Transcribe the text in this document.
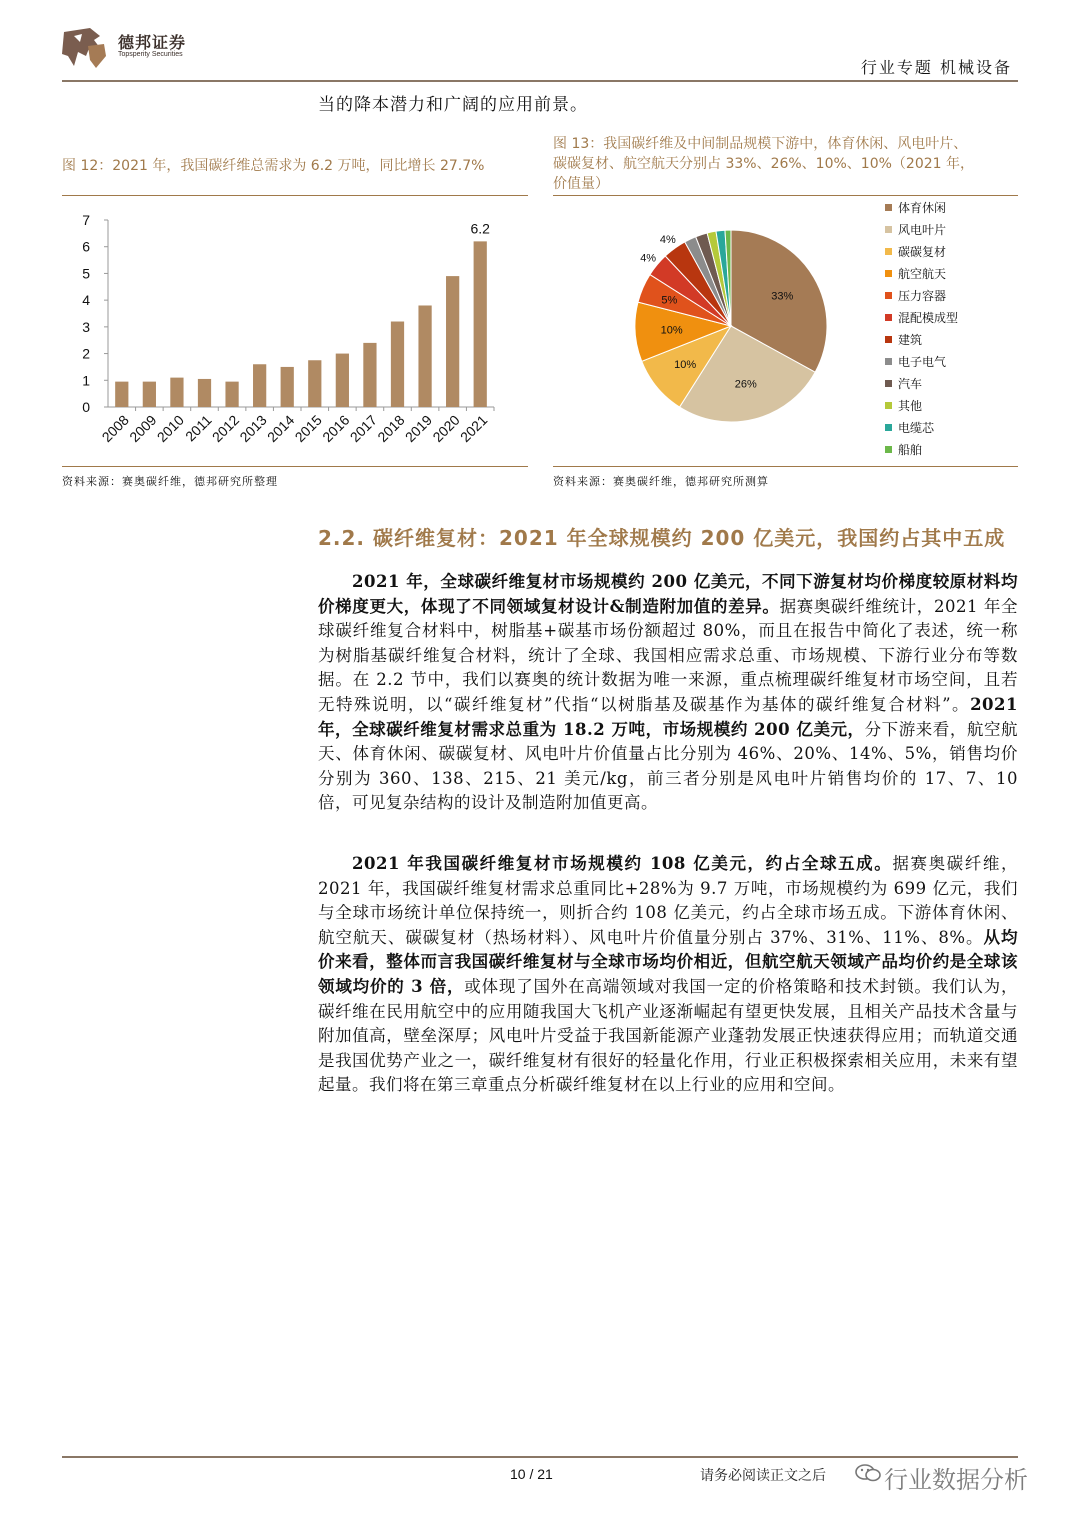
德邦证券
Topsperity Securities
行业专题 机械设备
当的降本潜力和广阔的应用前景。
图 12：2021 年，我国碳纤维总需求为 6.2 万吨，同比增长 27.7%
0
1
2
3
4
5
6
7
2008
2009
2010
2011
2012
2013
2014
2015
2016
2017
2018
2019
2020
2021
6.2
资料来源：赛奥碳纤维，德邦研究所整理
图 13：我国碳纤维及中间制品规模下游中，体育休闲、风电叶片、
碳碳复材、航空航天分别占 33%、26%、10%、10%（2021 年，
价值量）
33%
26%
10%
10%
5%
4%
4%
体育休闲
风电叶片
碳碳复材
航空航天
压力容器
混配模成型
建筑
电子电气
汽车
其他
电缆芯
船舶
资料来源：赛奥碳纤维，德邦研究所测算
2.2. 碳纤维复材：2021 年全球规模约 200 亿美元，我国约占其中五成
2021 年，全球碳纤维复材市场规模约 200 亿美元，不同下游复材均价梯度较原材料均价梯度更大，体现了不同领域复材设计&制造附加值的差异。据赛奥碳纤维统计，2021 年全球碳纤维复合材料中，树脂基+碳基市场份额超过 80%，而且在报告中简化了表述，统一称为树脂基碳纤维复合材料，统计了全球、我国相应需求总重、市场规模、下游行业分布等数据。在 2.2 节中，我们以赛奥的统计数据为唯一来源，重点梳理碳纤维复材市场空间，且若无特殊说明，以“碳纤维复材”代指“以树脂基及碳基作为基体的碳纤维复合材料”。2021 年，全球碳纤维复材需求总重为 18.2 万吨，市场规模约 200 亿美元，分下游来看，航空航天、体育休闲、碳碳复材、风电叶片价值量占比分别为 46%、20%、14%、5%，销售均价分别为 360、138、215、21 美元/kg，前三者分别是风电叶片销售均价的 17、7、10 倍，可见复杂结构的设计及制造附加值更高。
2021 年我国碳纤维复材市场规模约 108 亿美元，约占全球五成。据赛奥碳纤维，2021 年，我国碳纤维复材需求总重同比+28%为 9.7 万吨，市场规模约为 699 亿元，我们与全球市场统计单位保持统一，则折合约 108 亿美元，约占全球市场五成。下游体育休闲、航空航天、碳碳复材（热场材料）、风电叶片价值量分别占 37%、31%、11%、8%。从均价来看，整体而言我国碳纤维复材与全球市场均价相近，但航空航天领域产品均价约是全球该领域均价的 3 倍，或体现了国外在高端领域对我国一定的价格策略和技术封锁。我们认为，碳纤维在民用航空中的应用随我国大飞机产业逐渐崛起有望更快发展，且相关产品技术含量与附加值高，壁垒深厚；风电叶片受益于我国新能源产业蓬勃发展正快速获得应用；而轨道交通是我国优势产业之一，碳纤维复材有很好的轻量化作用，行业正积极探索相关应用，未来有望起量。我们将在第三章重点分析碳纤维复材在以上行业的应用和空间。
10 / 21	请务必阅读正文之后 行业数据分析
